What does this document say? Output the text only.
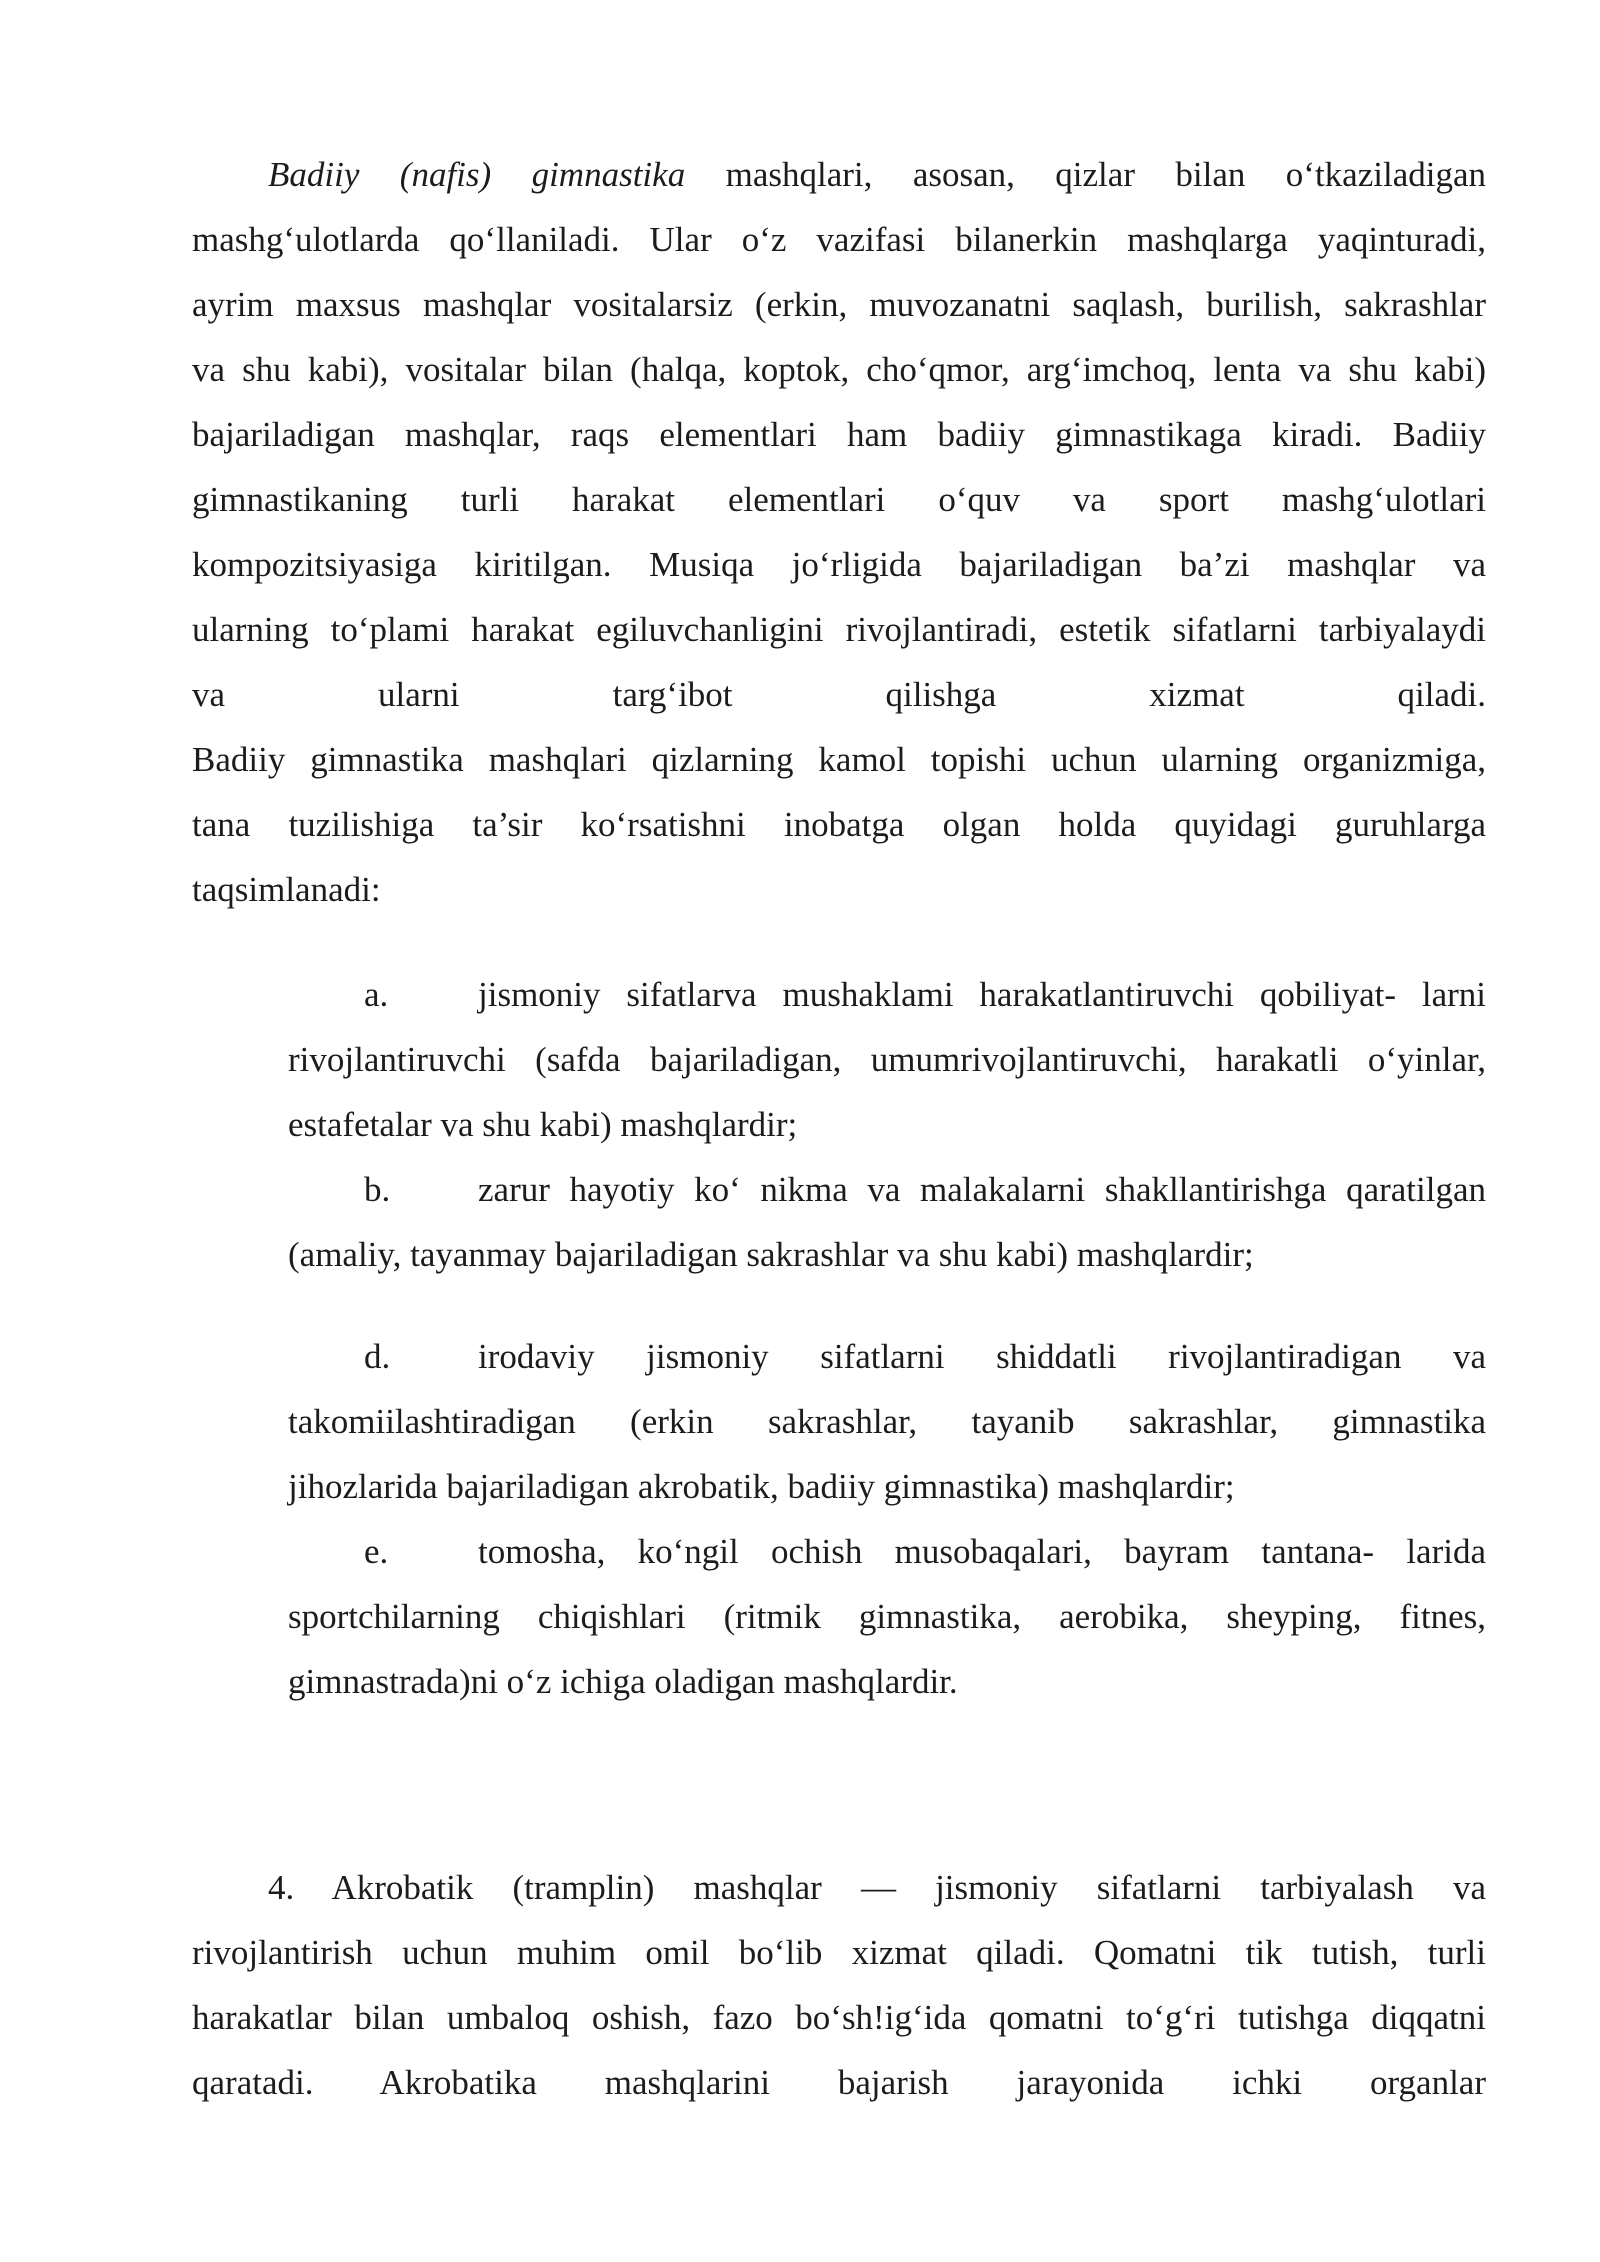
Badiiy (nafis) gimnastika mashqlari, asosan, qizlar bilan o‘tkaziladigan
mashg‘ulotlarda qo‘llaniladi. Ular o‘z vazifasi bilanerkin mashqlarga yaqinturadi,
ayrim maxsus mashqlar vositalarsiz (erkin, muvozanatni saqlash, burilish, sakrashlar
va shu kabi), vositalar bilan (halqa, koptok, cho‘qmor, arg‘imchoq, lenta va shu kabi)
bajariladigan mashqlar, raqs elementlari ham badiiy gimnastikaga kiradi. Badiiy
gimnastikaning turli harakat elementlari o‘quv va sport mashg‘ulotlari
kompozitsiyasiga kiritilgan. Musiqa jo‘rligida bajariladigan ba’zi mashqlar va
ularning to‘plami harakat egiluvchanligini rivojlantiradi, estetik sifatlarni tarbiyalaydi
va ularni targ‘ibot qilishga xizmat qiladi.
Badiiy gimnastika mashqlari qizlarning kamol topishi uchun ularning organizmiga,
tana tuzilishiga ta’sir ko‘rsatishni inobatga olgan holda quyidagi guruhlarga
taqsimlanadi:
a.	jismoniy sifatlarva mushaklami harakatlantiruvchi qobiliyat- larni
rivojlantiruvchi (safda bajariladigan, umumrivojlantiruvchi, harakatli o‘yinlar,
estafetalar va shu kabi) mashqlardir;
b.	zarur hayotiy ko‘ nikma va malakalarni shakllantirishga qaratilgan
(amaliy, tayanmay bajariladigan sakrashlar va shu kabi) mashqlardir;
d.	irodaviy jismoniy sifatlarni shiddatli rivojlantiradigan va
takomiilashtiradigan (erkin sakrashlar, tayanib sakrashlar, gimnastika
jihozlarida bajariladigan akrobatik, badiiy gimnastika) mashqlardir;
e.	tomosha, ko‘ngil ochish musobaqalari, bayram tantana- larida
sportchilarning chiqishlari (ritmik gimnastika, aerobika, sheyping, fitnes,
gimnastrada)ni o‘z ichiga oladigan mashqlardir.
4. Akrobatik (tramplin) mashqlar — jismoniy sifatlarni tarbiyalash va
rivojlantirish uchun muhim omil bo‘lib xizmat qiladi. Qomatni tik tutish, turli
harakatlar bilan umbaloq oshish, fazo bo‘sh!ig‘ida qomatni to‘g‘ri tutishga diqqatni
qaratadi. Akrobatika mashqlarini bajarish jarayonida ichki organlar
